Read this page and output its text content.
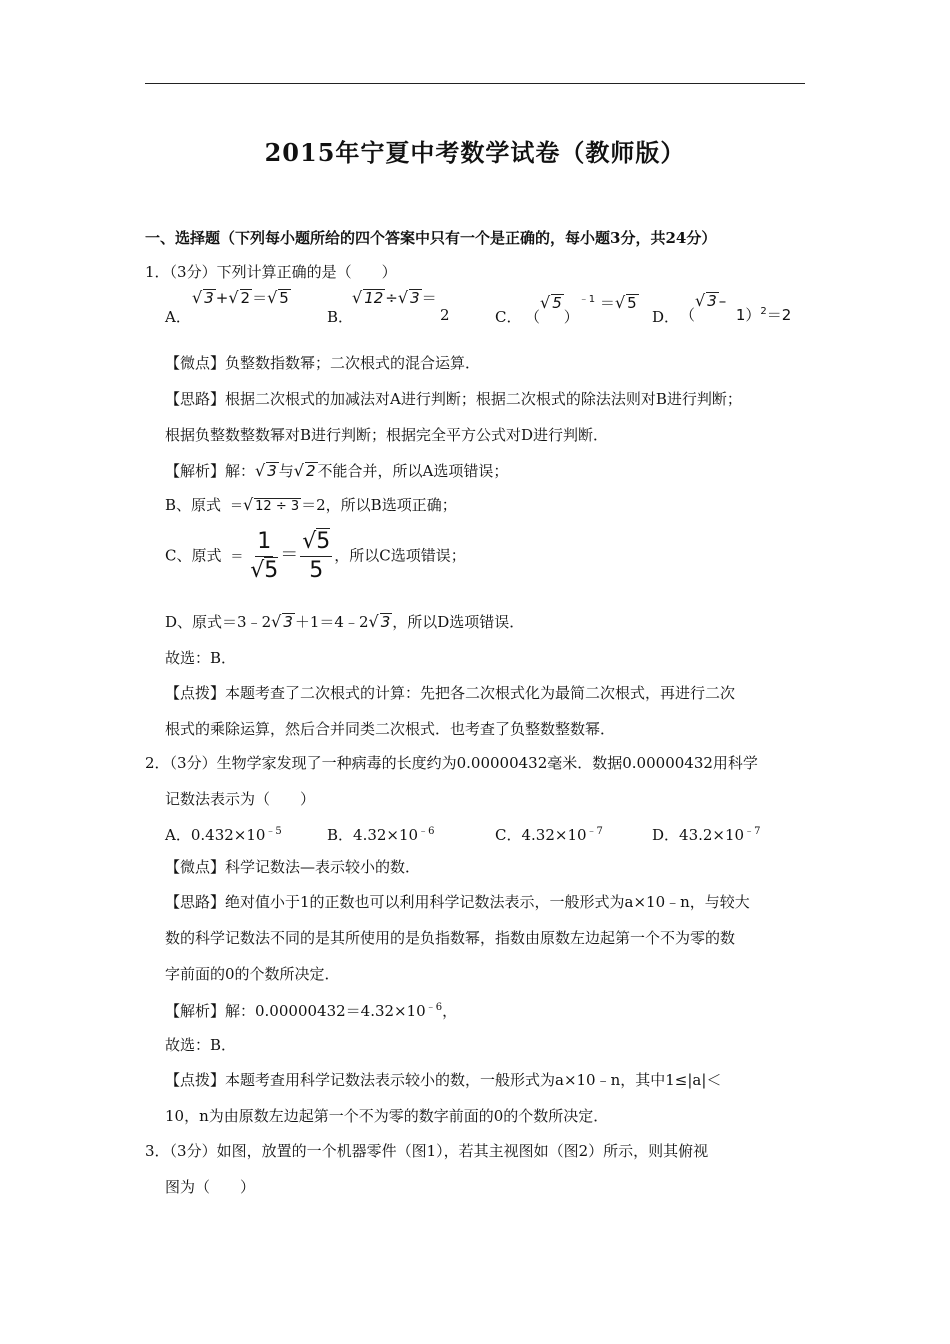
2015年宁夏中考数学试卷（教师版）
一、选择题（下列每小题所给的四个答案中只有一个是正确的，每小题3分，共24分）
1．（3分）下列计算正确的是（　　）
A．
√ 3 +√ 2 ＝√ 5
B．
√ 12 ÷√ 3 ＝
2	C． （√ 5）$^{﹣1}$ ＝√ 5
D． （√ 3 –  1）$^2$＝2
【微点】负整数指数幂；二次根式的混合运算．
【思路】根据二次根式的加减法对A进行判断；根据二次根式的除法法则对B进行判断；
根据负整数整数幂对B进行判断；根据完全平方公式对D进行判断．
【解析】解：√ 3 与√ 2 不能合并，所以A选项错误；
B、原式  ＝√ 12 ÷ 3 ＝2，所以B选项正确；
C、原式  ＝ $\frac{1}{√5} = \frac{√5}{5}$ ，所以C选项错误；
D、原式＝3﹣2√ 3 ＋1＝4﹣2√ 3 ，所以D选项错误．
故选：B．
【点拨】本题考查了二次根式的计算：先把各二次根式化为最简二次根式，再进行二次
根式的乘除运算，然后合并同类二次根式．也考查了负整数整数幂．
2．（3分）生物学家发现了一种病毒的长度约为0.00000432毫米．数据0.00000432用科学
记数法表示为（　　）
A．$0.432\times 10^{﹣5}$	B．$4.32\times 10^{﹣6}$	C．$4.32\times 10^{﹣7}$	D．$43.2\times 10^{﹣7}$
【微点】科学记数法—表示较小的数．
【思路】绝对值小于1的正数也可以利用科学记数法表示，一般形式为a×10﹣n，与较大
数的科学记数法不同的是其所使用的是负指数幂，指数由原数左边起第一个不为零的数
字前面的0的个数所决定．
【解析】解：$0.00000432=4.32\times 10^{﹣6}$，
故选：B．
【点拨】本题考查用科学记数法表示较小的数，一般形式为a×10﹣n，其中1≤|a|＜
10，n为由原数左边起第一个不为零的数字前面的0的个数所决定．
3．（3分）如图，放置的一个机器零件（图1），若其主视图如（图2）所示，则其俯视
图为（　　）
